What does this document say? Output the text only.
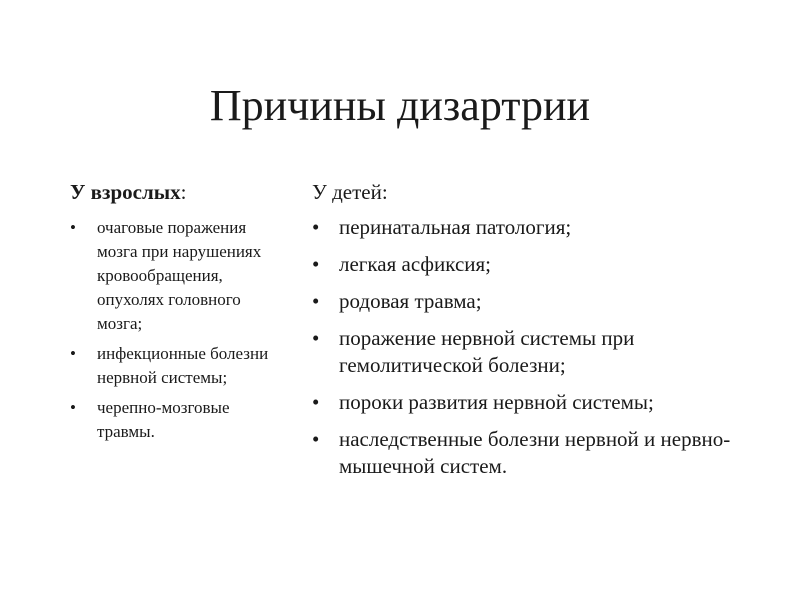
Причины дизартрии
У взрослых:
•	очаговые поражения мозга при нарушениях кровообращения, опухолях головного мозга;
•	инфекционные болезни нервной системы;
•	черепно-мозговые травмы.
У детей:
• перинатальная патология;
• легкая асфиксия;
• родовая травма;
• поражение нервной системы при гемолитической болезни;
• пороки развития нервной системы;
• наследственные болезни нервной и нервно-мышечной систем.
